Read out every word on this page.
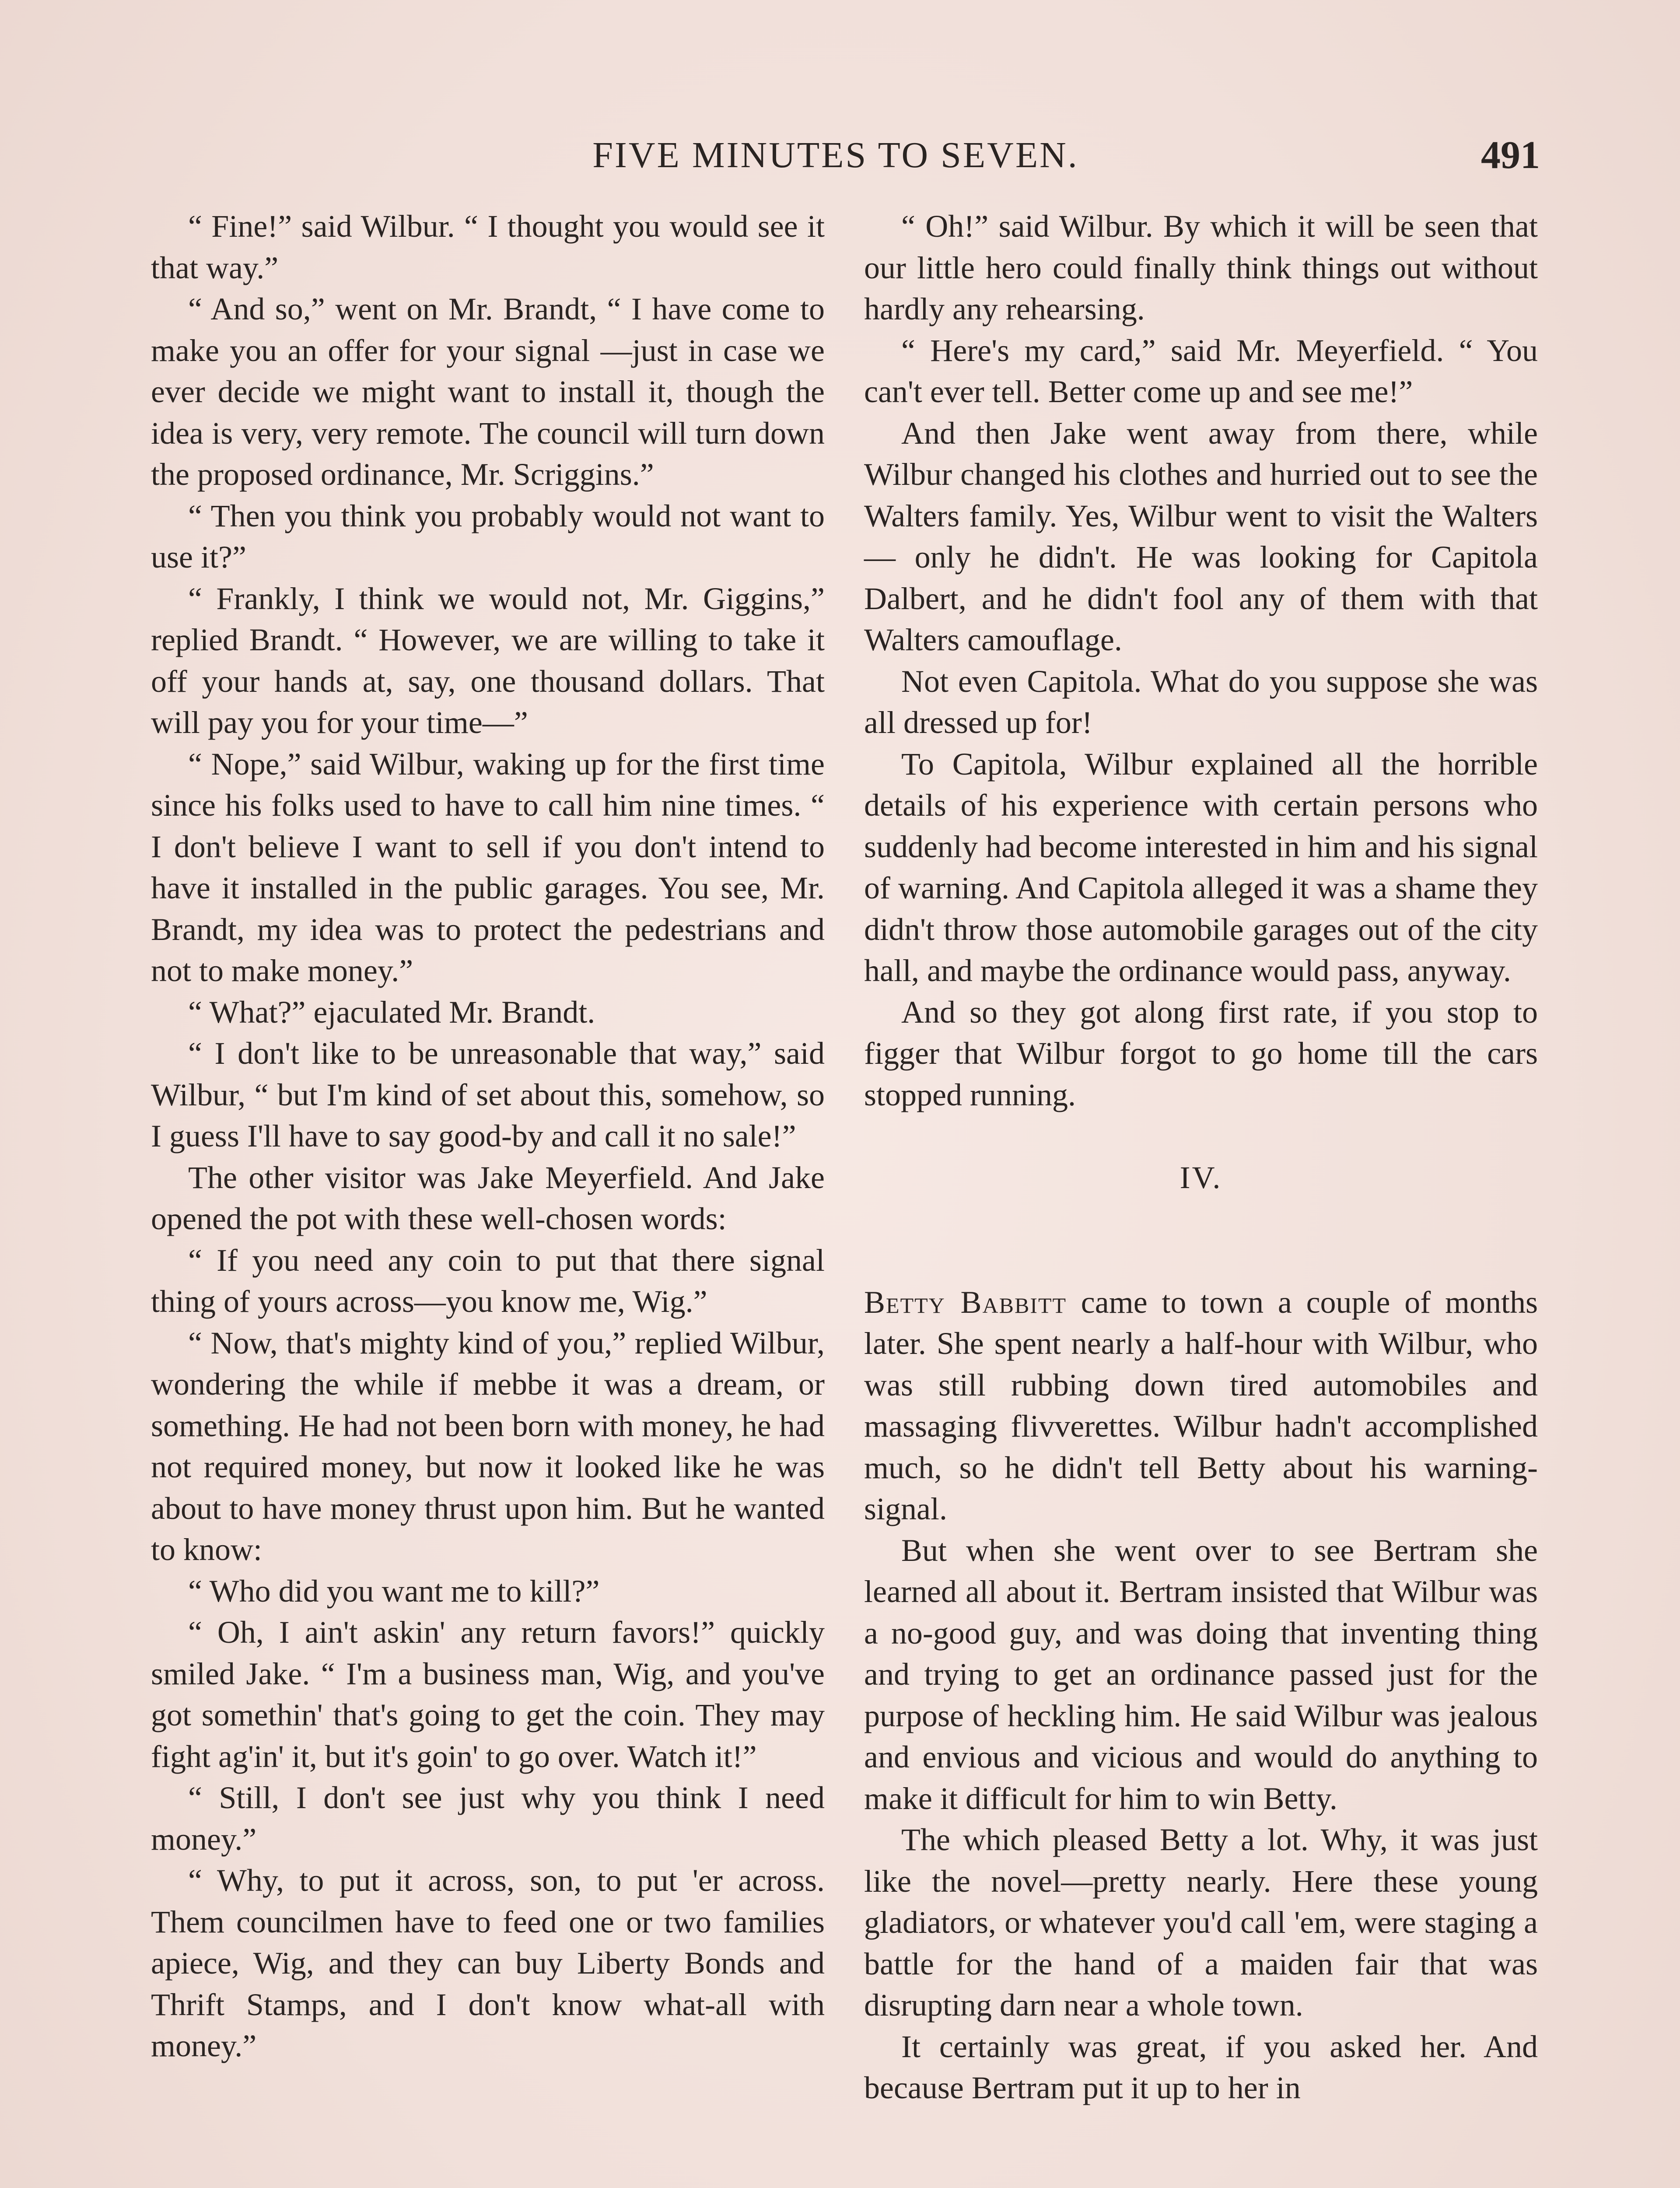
FIVE MINUTES TO SEVEN.	491

“ Fine!” said Wilbur. “ I thought you would see it that way.”

“ And so,” went on Mr. Brandt, “ I have come to make you an offer for your signal —just in case we ever decide we might want to install it, though the idea is very, very remote. The council will turn down the proposed ordinance, Mr. Scriggins.”

“ Then you think you probably would not want to use it?”

“ Frankly, I think we would not, Mr. Giggins,” replied Brandt. “ However, we are willing to take it off your hands at, say, one thousand dollars. That will pay you for your time—”

“ Nope,” said Wilbur, waking up for the first time since his folks used to have to call him nine times. “ I don't believe I want to sell if you don't intend to have it installed in the public garages. You see, Mr. Brandt, my idea was to protect the pedestrians and not to make money.”

“ What?” ejaculated Mr. Brandt.

“ I don't like to be unreasonable that way,” said Wilbur, “ but I'm kind of set about this, somehow, so I guess I'll have to say good-by and call it no sale!”

The other visitor was Jake Meyerfield. And Jake opened the pot with these well-chosen words:

“ If you need any coin to put that there signal thing of yours across—you know me, Wig.”

“ Now, that's mighty kind of you,” replied Wilbur, wondering the while if mebbe it was a dream, or something. He had not been born with money, he had not required money, but now it looked like he was about to have money thrust upon him. But he wanted to know:

“ Who did you want me to kill?”

“ Oh, I ain't askin' any return favors!” quickly smiled Jake. “ I'm a business man, Wig, and you've got somethin' that's going to get the coin. They may fight ag'in' it, but it's goin' to go over. Watch it!”

“ Still, I don't see just why you think I need money.”

“ Why, to put it across, son, to put 'er across. Them councilmen have to feed one or two families apiece, Wig, and they can buy Liberty Bonds and Thrift Stamps, and I don't know what-all with money.”

“ Oh!” said Wilbur. By which it will be seen that our little hero could finally think things out without hardly any rehearsing.

“ Here's my card,” said Mr. Meyerfield. “ You can't ever tell. Better come up and see me!”

And then Jake went away from there, while Wilbur changed his clothes and hurried out to see the Walters family. Yes, Wilbur went to visit the Walters — only he didn't. He was looking for Capitola Dalbert, and he didn't fool any of them with that Walters camouflage.

Not even Capitola. What do you suppose she was all dressed up for!

To Capitola, Wilbur explained all the horrible details of his experience with certain persons who suddenly had become interested in him and his signal of warning. And Capitola alleged it was a shame they didn't throw those automobile garages out of the city hall, and maybe the ordinance would pass, anyway.

And so they got along first rate, if you stop to figger that Wilbur forgot to go home till the cars stopped running.

IV.

Betty Babbitt came to town a couple of months later. She spent nearly a half-hour with Wilbur, who was still rubbing down tired automobiles and massaging flivverettes. Wilbur hadn't accomplished much, so he didn't tell Betty about his warning-signal.

But when she went over to see Bertram she learned all about it. Bertram insisted that Wilbur was a no-good guy, and was doing that inventing thing and trying to get an ordinance passed just for the purpose of heckling him. He said Wilbur was jealous and envious and vicious and would do anything to make it difficult for him to win Betty.

The which pleased Betty a lot. Why, it was just like the novel—pretty nearly. Here these young gladiators, or whatever you'd call 'em, were staging a battle for the hand of a maiden fair that was disrupting darn near a whole town.

It certainly was great, if you asked her. And because Bertram put it up to her in
